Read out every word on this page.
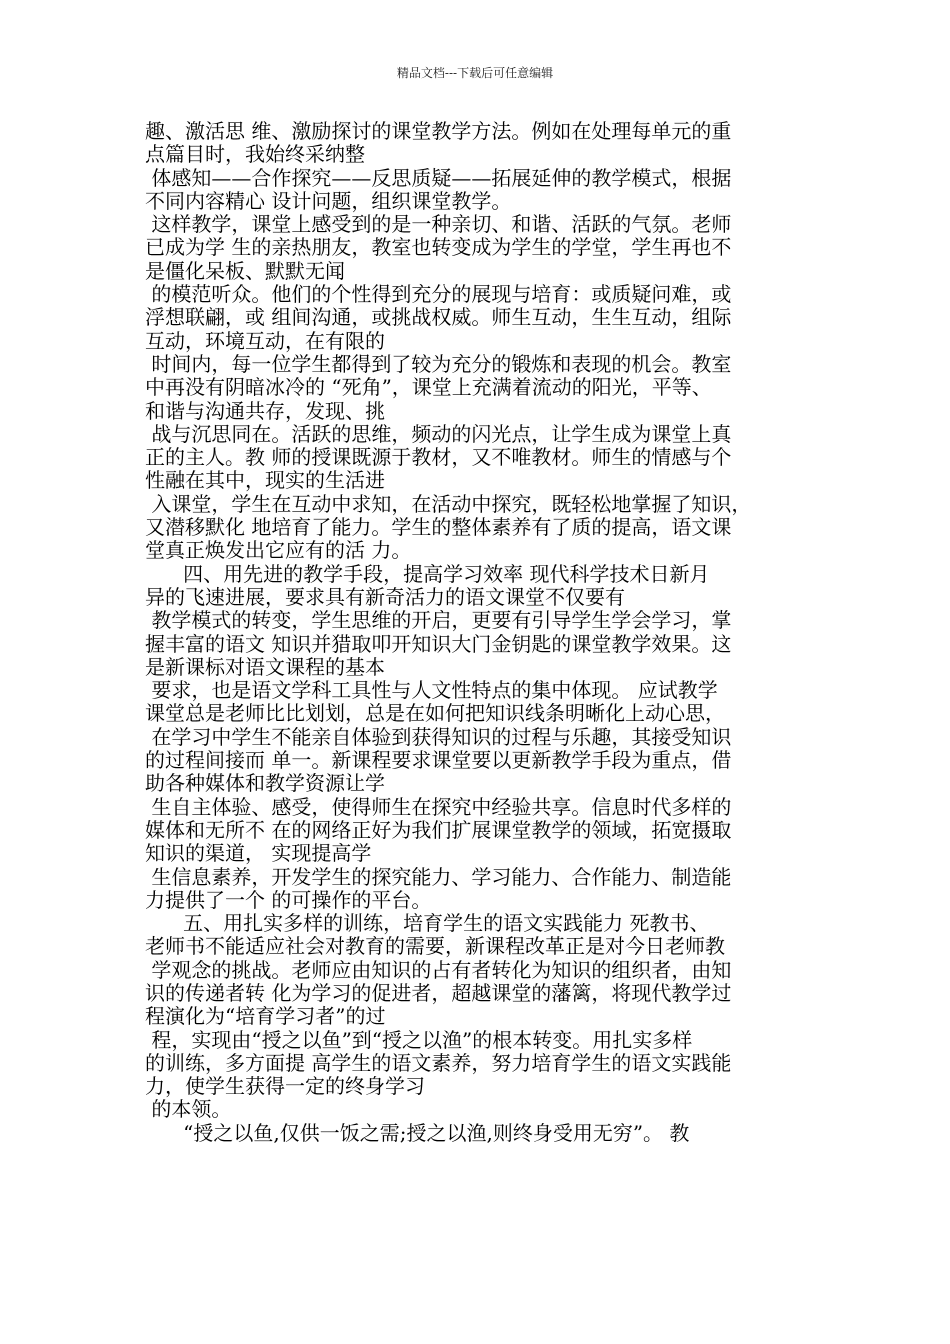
精品文档---下载后可任意编辑
趣、激活思 维、激励探讨的课堂教学方法。例如在处理每单元的重
点篇目时，我始终采纳整
体感知——合作探究——反思质疑——拓展延伸的教学模式，根据
不同内容精心 设计问题，组织课堂教学。
这样教学，课堂上感受到的是一种亲切、和谐、活跃的气氛。老师
已成为学 生的亲热朋友，教室也转变成为学生的学堂，学生再也不
是僵化呆板、默默无闻
的模范听众。他们的个性得到充分的展现与培育：或质疑问难，或
浮想联翩，或 组间沟通，或挑战权威。师生互动，生生互动，组际
互动，环境互动，在有限的
时间内，每一位学生都得到了较为充分的锻炼和表现的机会。教室
中再没有阴暗冰冷的 “死角”，课堂上充满着流动的阳光，平等、
和谐与沟通共存，发现、挑
战与沉思同在。活跃的思维，频动的闪光点，让学生成为课堂上真
正的主人。教 师的授课既源于教材，又不唯教材。师生的情感与个
性融在其中，现实的生活进
入课堂，学生在互动中求知，在活动中探究，既轻松地掌握了知识，
又潜移默化 地培育了能力。学生的整体素养有了质的提高，语文课
堂真正焕发出它应有的活 力。
四、用先进的教学手段，提高学习效率 现代科学技术日新月
异的飞速进展，要求具有新奇活力的语文课堂不仅要有
教学模式的转变，学生思维的开启，更要有引导学生学会学习，掌
握丰富的语文 知识并猎取叩开知识大门金钥匙的课堂教学效果。这
是新课标对语文课程的基本
要求，也是语文学科工具性与人文性特点的集中体现。 应试教学
课堂总是老师比比划划，总是在如何把知识线条明晰化上动心思，
在学习中学生不能亲自体验到获得知识的过程与乐趣，其接受知识
的过程间接而 单一。新课程要求课堂要以更新教学手段为重点，借
助各种媒体和教学资源让学
生自主体验、感受，使得师生在探究中经验共享。信息时代多样的
媒体和无所不 在的网络正好为我们扩展课堂教学的领域，拓宽摄取
知识的渠道， 实现提高学
生信息素养，开发学生的探究能力、学习能力、合作能力、制造能
力提供了一个 的可操作的平台。
五、用扎实多样的训练，培育学生的语文实践能力 死教书、
老师书不能适应社会对教育的需要，新课程改革正是对今日老师教
学观念的挑战。老师应由知识的占有者转化为知识的组织者，由知
识的传递者转 化为学习的促进者，超越课堂的藩篱，将现代教学过
程演化为“培育学习者”的过
程，实现由“授之以鱼”到“授之以渔”的根本转变。用扎实多样
的训练，多方面提 高学生的语文素养，努力培育学生的语文实践能
力，使学生获得一定的终身学习
的本领。
“授之以鱼,仅供一饭之需;授之以渔,则终身受用无穷”。 教
